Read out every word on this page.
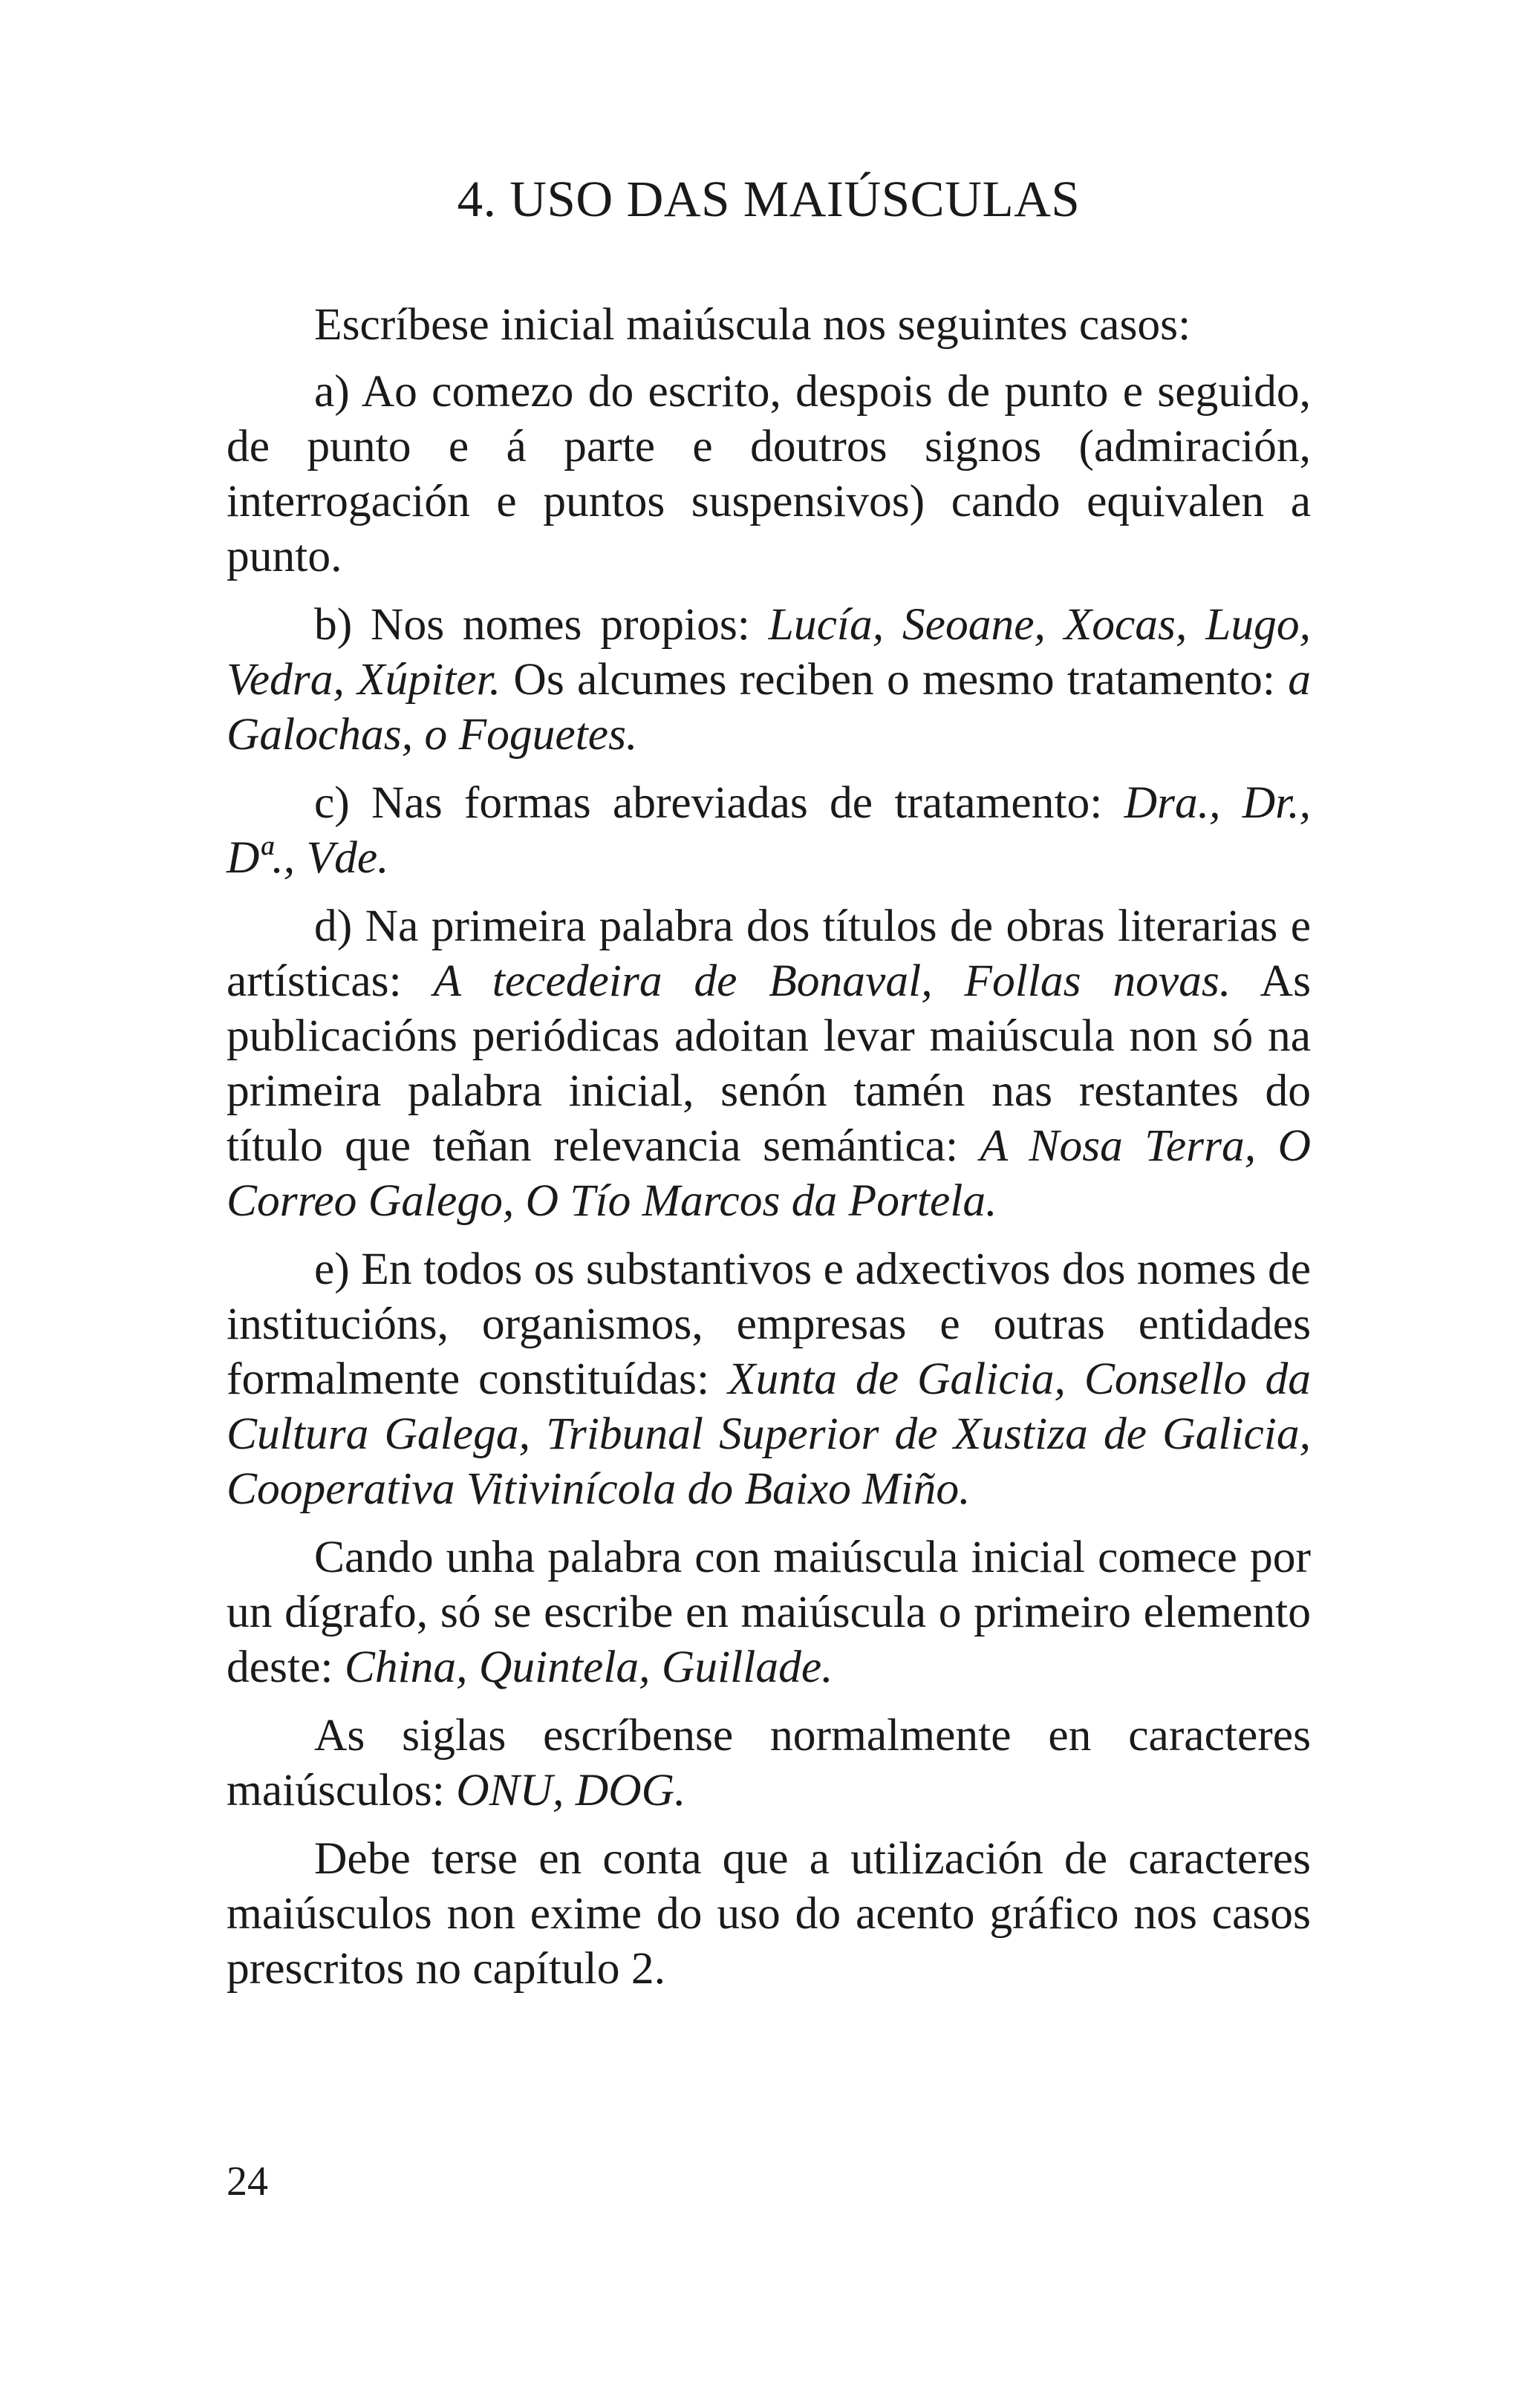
4. USO DAS MAIÚSCULAS

Escríbese inicial maiúscula nos seguintes casos:

a) Ao comezo do escrito, despois de punto e seguido, de punto e á parte e doutros signos (admiración, interrogación e puntos suspensivos) cando equivalen a punto.

b) Nos nomes propios: Lucía, Seoane, Xocas, Lugo, Vedra, Xúpiter. Os alcumes reciben o mesmo tratamento: a Galochas, o Foguetes.

c) Nas formas abreviadas de tratamento: Dra., Dr., Dª., Vde.

d) Na primeira palabra dos títulos de obras literarias e artísticas: A tecedeira de Bonaval, Follas novas. As publicacións periódicas adoitan levar maiúscula non só na primeira palabra inicial, senón tamén nas restantes do título que teñan relevancia semántica: A Nosa Terra, O Correo Galego, O Tío Marcos da Portela.

e) En todos os substantivos e adxectivos dos nomes de institucións, organismos, empresas e outras entidades formalmente constituídas: Xunta de Galicia, Consello da Cultura Galega, Tribunal Superior de Xustiza de Galicia, Cooperativa Vitivinícola do Baixo Miño.

Cando unha palabra con maiúscula inicial comece por un dígrafo, só se escribe en maiúscula o primeiro elemento deste: China, Quintela, Guillade.

As siglas escríbense normalmente en caracteres maiúsculos: ONU, DOG.

Debe terse en conta que a utilización de caracteres maiúsculos non exime do uso do acento gráfico nos casos prescritos no capítulo 2.

24
